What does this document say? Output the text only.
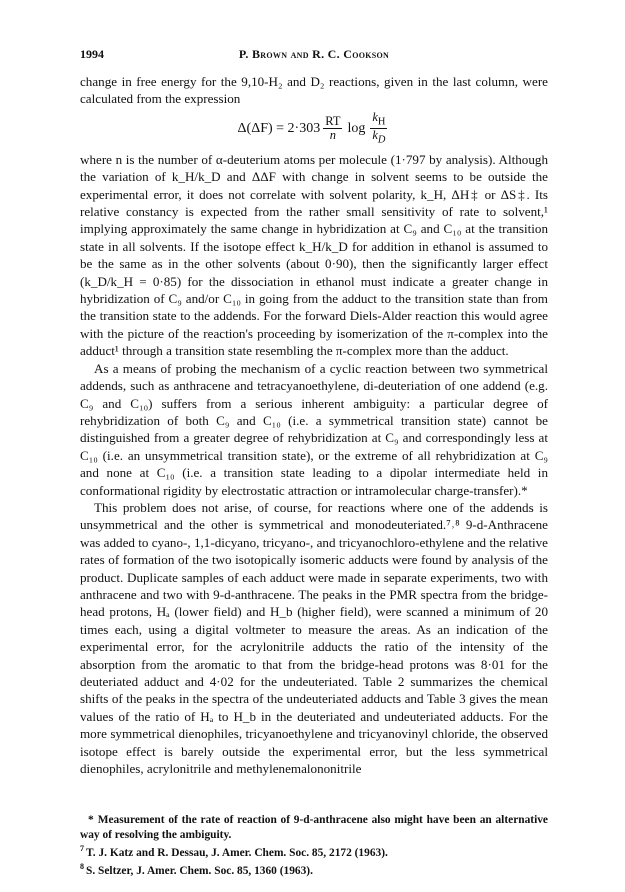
1994	P. Brown and R. C. Cookson

change in free energy for the 9,10-H₂ and D₂ reactions, given in the last column, were calculated from the expression

$\Delta(\Delta F) = 2\cdot 303 \frac{RT}{n}$ $\log \frac{k_H}{k_D}$

where n is the number of α-deuterium atoms per molecule (1·797 by analysis). Although the variation of k_H/k_D and ΔΔF with change in solvent seems to be outside the experimental error, it does not correlate with solvent polarity, k_H, ΔH‡ or ΔS‡. Its relative constancy is expected from the rather small sensitivity of rate to solvent,¹ implying approximately the same change in hybridization at C₉ and C₁₀ at the transition state in all solvents. If the isotope effect k_H/k_D for addition in ethanol is assumed to be the same as in the other solvents (about 0·90), then the significantly larger effect (k_D/k_H = 0·85) for the dissociation in ethanol must indicate a greater change in hybridization of C₉ and/or C₁₀ in going from the adduct to the transition state than from the transition state to the addends. For the forward Diels-Alder reaction this would agree with the picture of the reaction's proceeding by isomerization of the π-complex into the adduct¹ through a transition state resembling the π-complex more than the adduct.

As a means of probing the mechanism of a cyclic reaction between two symmetrical addends, such as anthracene and tetracyanoethylene, di-deuteriation of one addend (e.g. C₉ and C₁₀) suffers from a serious inherent ambiguity: a particular degree of rehybridization of both C₉ and C₁₀ (i.e. a symmetrical transition state) cannot be distinguished from a greater degree of rehybridization at C₉ and correspondingly less at C₁₀ (i.e. an unsymmetrical transition state), or the extreme of all rehybridization at C₉ and none at C₁₀ (i.e. a transition state leading to a dipolar intermediate held in conformational rigidity by electrostatic attraction or intramolecular charge-transfer).*

This problem does not arise, of course, for reactions where one of the addends is unsymmetrical and the other is symmetrical and monodeuteriated.⁷˒⁸ 9-d-Anthracene was added to cyano-, 1,1-dicyano, tricyano-, and tricyanochloro-ethylene and the relative rates of formation of the two isotopically isomeric adducts were found by analysis of the product. Duplicate samples of each adduct were made in separate experiments, two with anthracene and two with 9-d-anthracene. The peaks in the PMR spectra from the bridge-head protons, Hₐ (lower field) and H_b (higher field), were scanned a minimum of 20 times each, using a digital voltmeter to measure the areas. As an indication of the experimental error, for the acrylonitrile adducts the ratio of the intensity of the absorption from the aromatic to that from the bridge-head protons was 8·01 for the deuteriated adduct and 4·02 for the undeuteriated. Table 2 summarizes the chemical shifts of the peaks in the spectra of the undeuteriated adducts and Table 3 gives the mean values of the ratio of Hₐ to H_b in the deuteriated and undeuteriated adducts. For the more symmetrical dienophiles, tricyanoethylene and tricyanovinyl chloride, the observed isotope effect is barely outside the experimental error, but the less symmetrical dienophiles, acrylonitrile and methylenemalononitrile

* Measurement of the rate of reaction of 9-d-anthracene also might have been an alternative way of resolving the ambiguity.

$^7$ T. J. Katz and R. Dessau, J. Amer. Chem. Soc. 85, 2172 (1963).

$^8$ S. Seltzer, J. Amer. Chem. Soc. 85, 1360 (1963).
